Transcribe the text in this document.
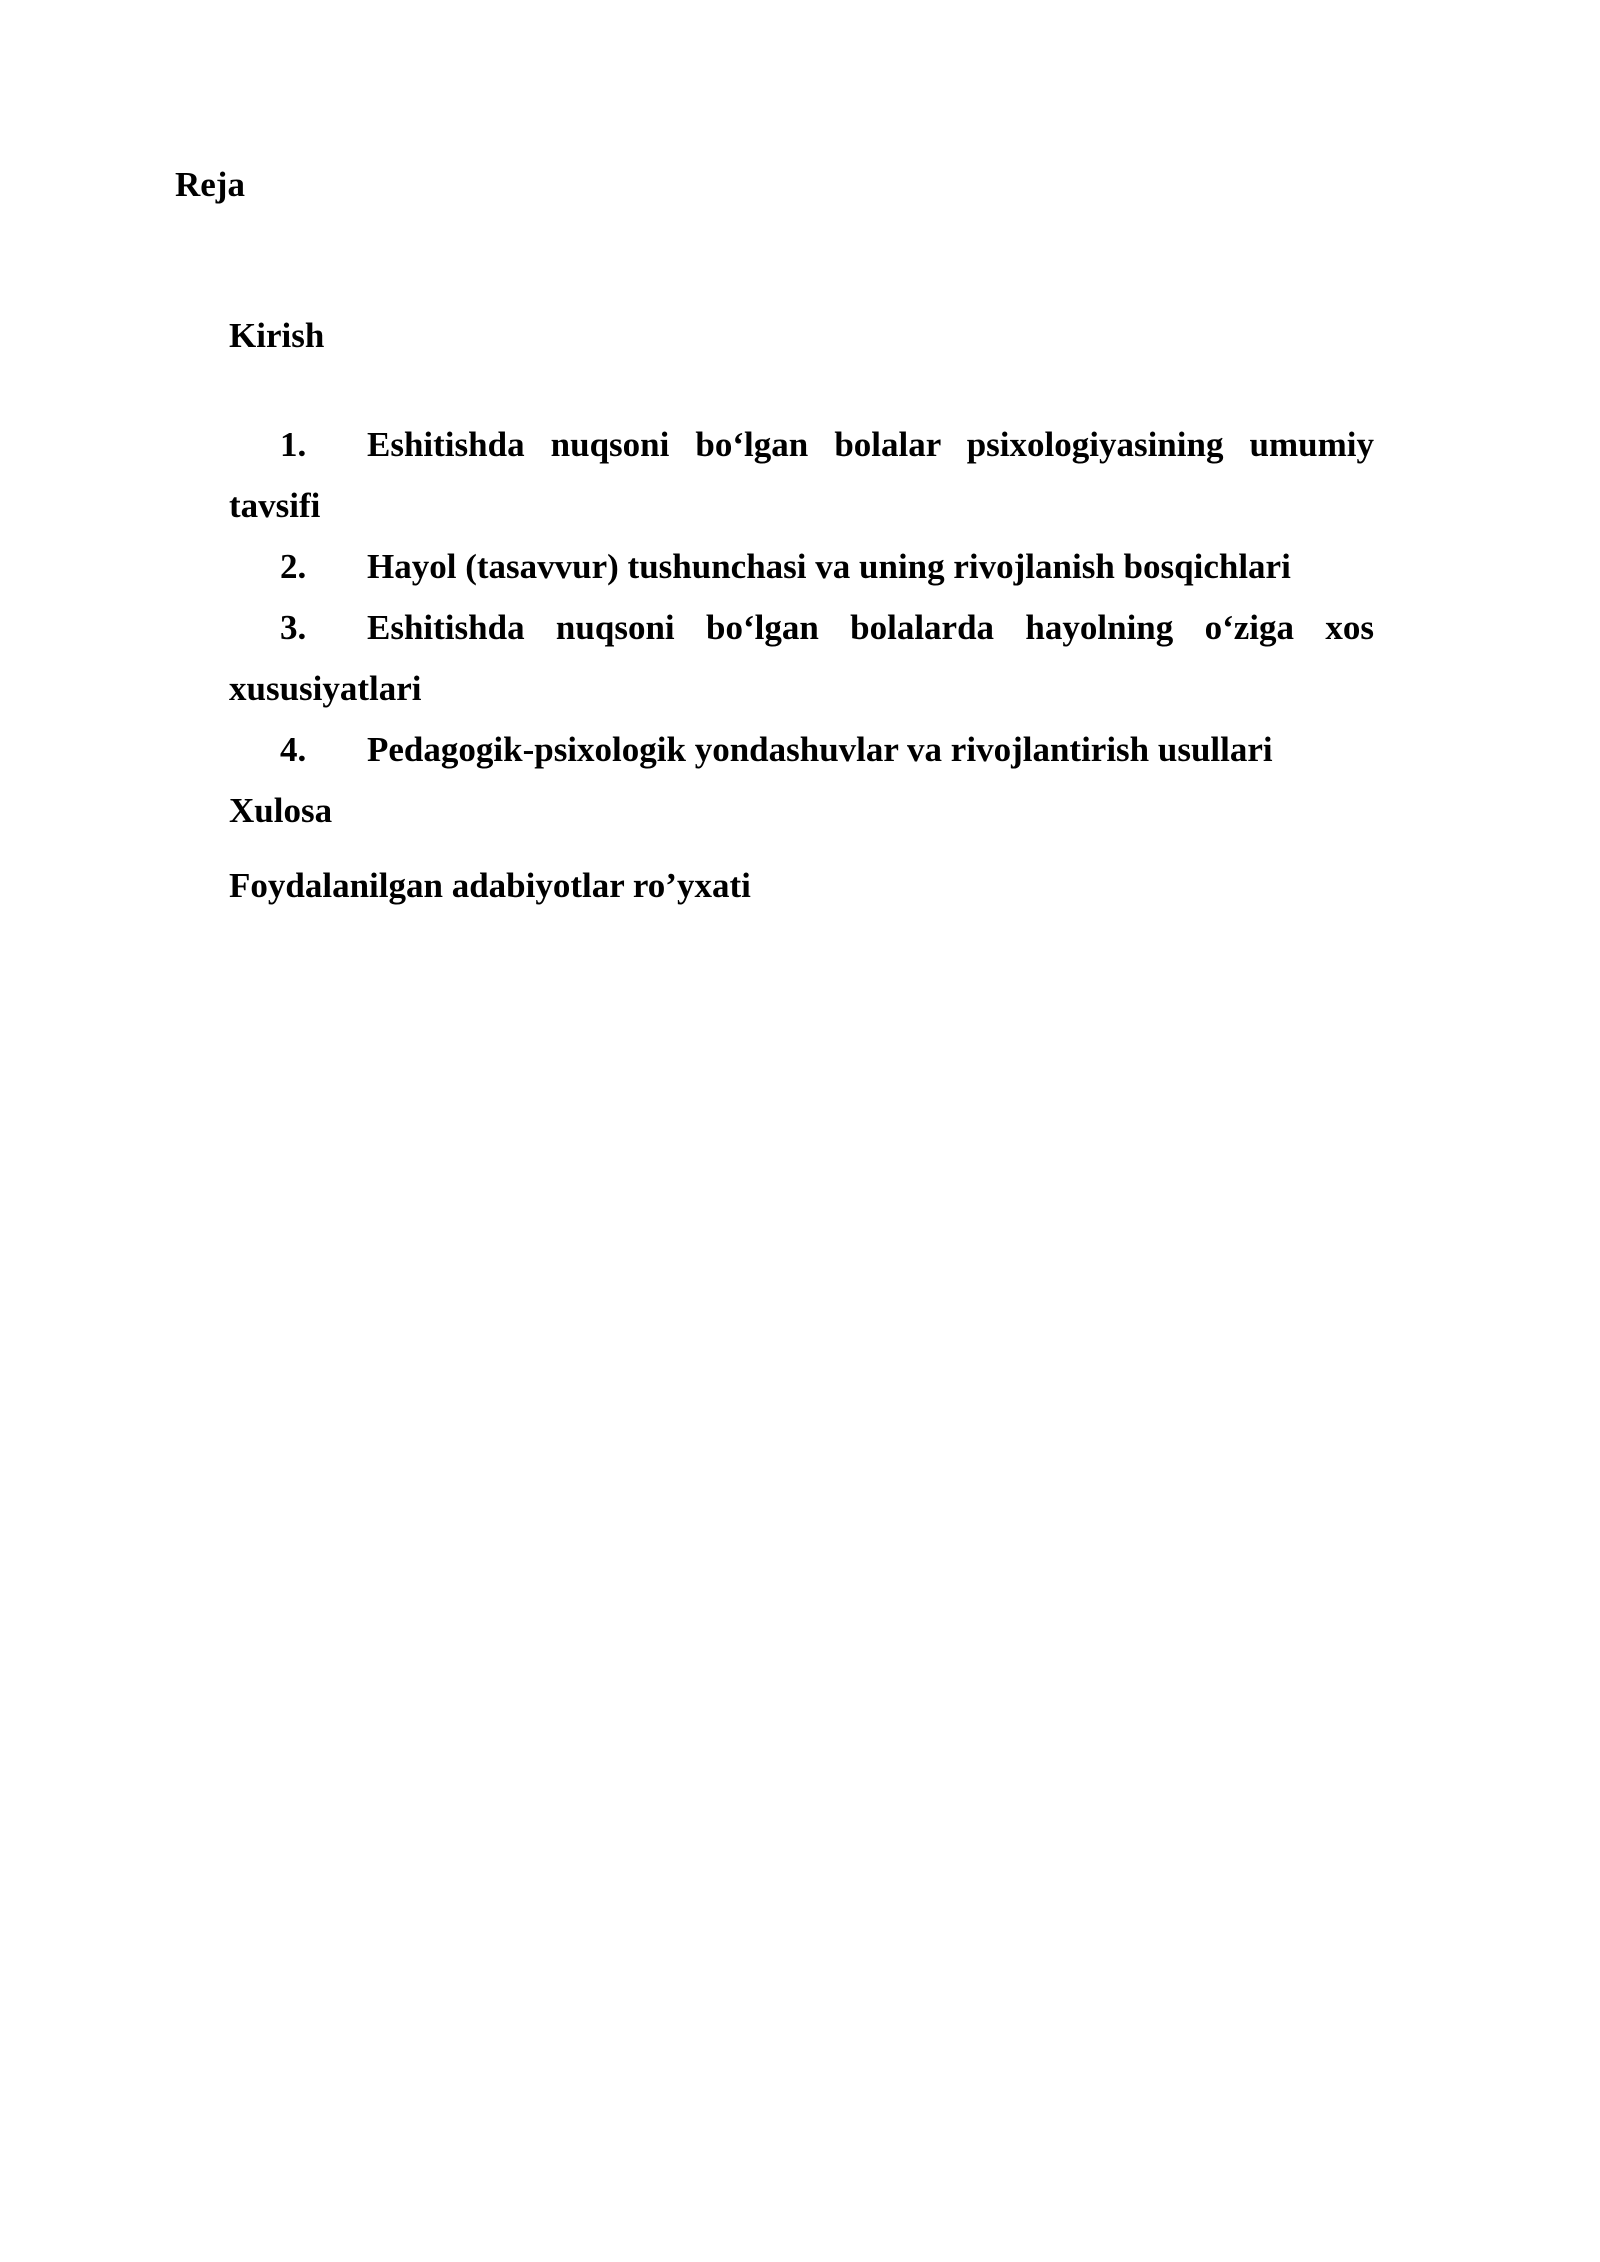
Reja

Kirish

1. Eshitishda nuqsoni bo‘lgan bolalar psixologiyasining umumiy tavsifi

2. Hayol (tasavvur) tushunchasi va uning rivojlanish bosqichlari

3. Eshitishda nuqsoni bo‘lgan bolalarda hayolning o‘ziga xos xususiyatlari

4. Pedagogik-psixologik yondashuvlar va rivojlantirish usullari

Xulosa

Foydalanilgan adabiyotlar ro’yxati
